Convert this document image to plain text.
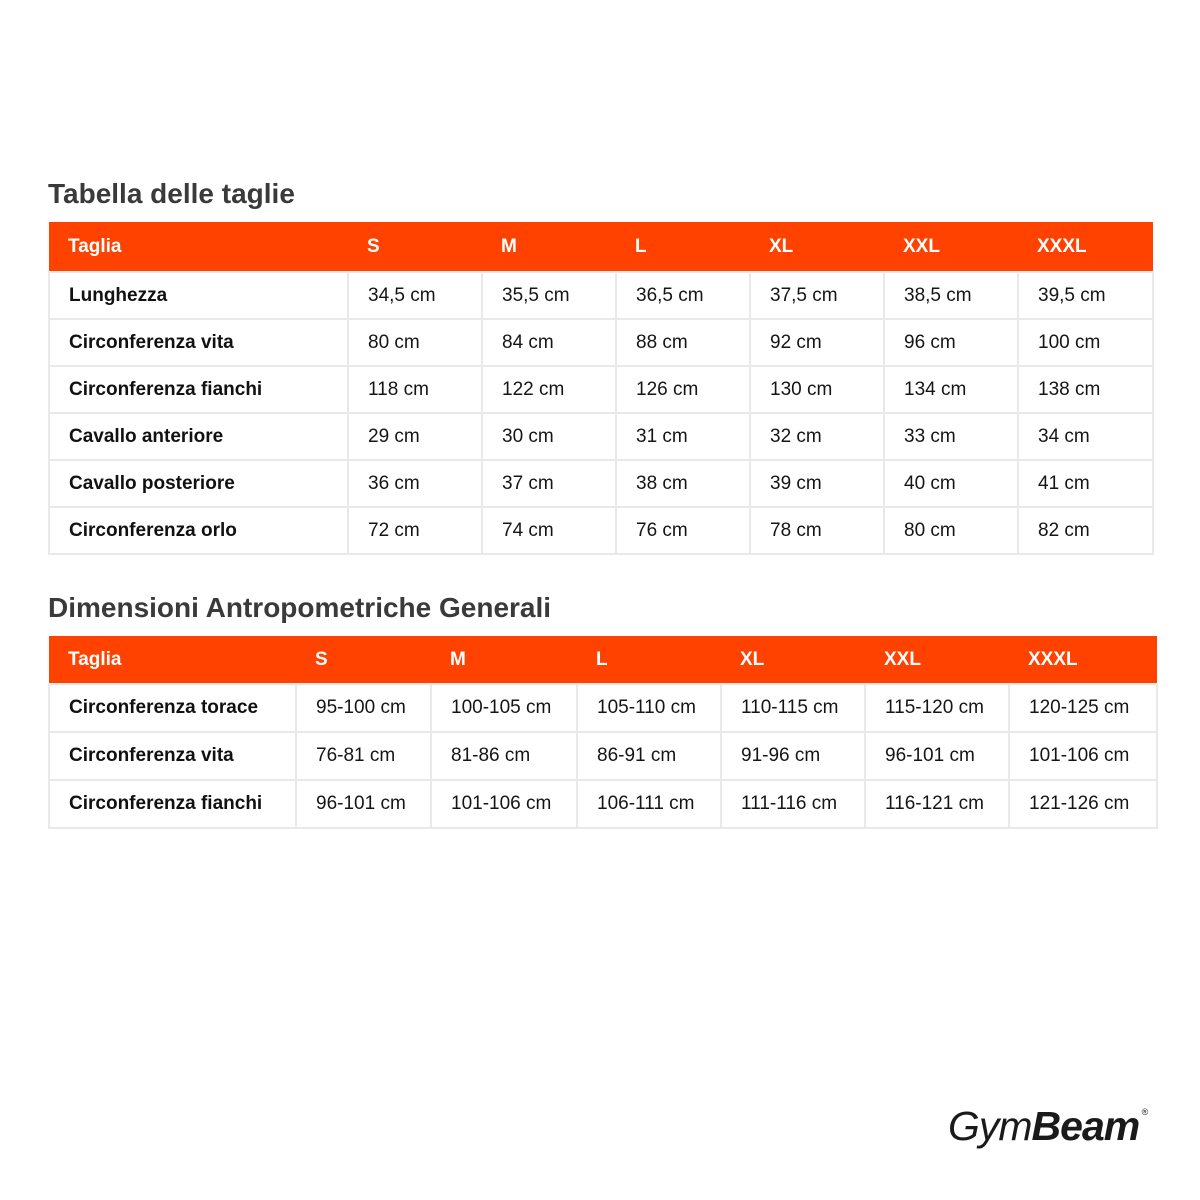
Tabella delle taglie
Taglia	S	M	L	XL	XXL	XXXL
Lunghezza	34,5 cm	35,5 cm	36,5 cm	37,5 cm	38,5 cm	39,5 cm
Circonferenza vita	80 cm	84 cm	88 cm	92 cm	96 cm	100 cm
Circonferenza fianchi	118 cm	122 cm	126 cm	130 cm	134 cm	138 cm
Cavallo anteriore	29 cm	30 cm	31 cm	32 cm	33 cm	34 cm
Cavallo posteriore	36 cm	37 cm	38 cm	39 cm	40 cm	41 cm
Circonferenza orlo	72 cm	74 cm	76 cm	78 cm	80 cm	82 cm
Dimensioni Antropometriche Generali
Taglia	S	M	L	XL	XXL	XXXL
Circonferenza torace	95-100 cm	100-105 cm	105-110 cm	110-115 cm	115-120 cm	120-125 cm
Circonferenza vita	76-81 cm	81-86 cm	86-91 cm	91-96 cm	96-101 cm	101-106 cm
Circonferenza fianchi	96-101 cm	101-106 cm	106-111 cm	111-116 cm	116-121 cm	121-126 cm
GymBeam ®
